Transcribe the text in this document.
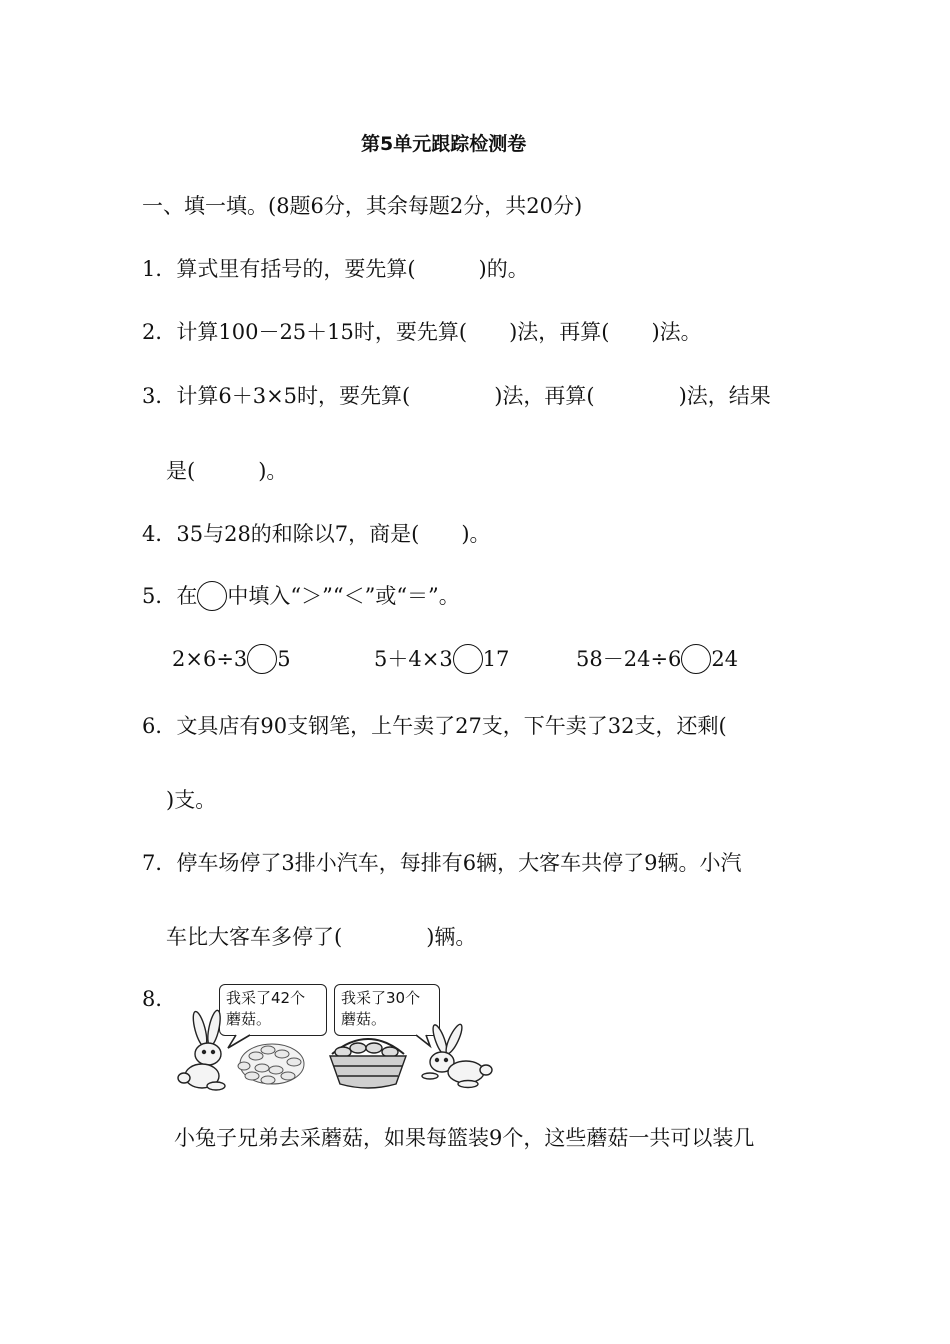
第5单元跟踪检测卷
一、填一填。(8题6分，其余每题2分，共20分)
1．算式里有括号的，要先算(　　　)的。
2．计算100－25＋15时，要先算(　　)法，再算(　　)法。
3．计算6＋3×5时，要先算(　　　　)法，再算(　　　　)法，结果
是(　　　)。
4．35与28的和除以7，商是(　　)。
5．在 中填入“＞”“＜”或“＝”。
2×6÷3 5	5＋4×3 17	58－24÷6 24
6．文具店有90支钢笔，上午卖了27支，下午卖了32支，还剩(
)支。
7．停车场停了3排小汽车，每排有6辆，大客车共停了9辆。小汽
车比大客车多停了(　　　　)辆。
8．	我采了42个
蘑菇。
我采了30个
蘑菇。
小兔子兄弟去采蘑菇，如果每篮装9个，这些蘑菇一共可以装几
